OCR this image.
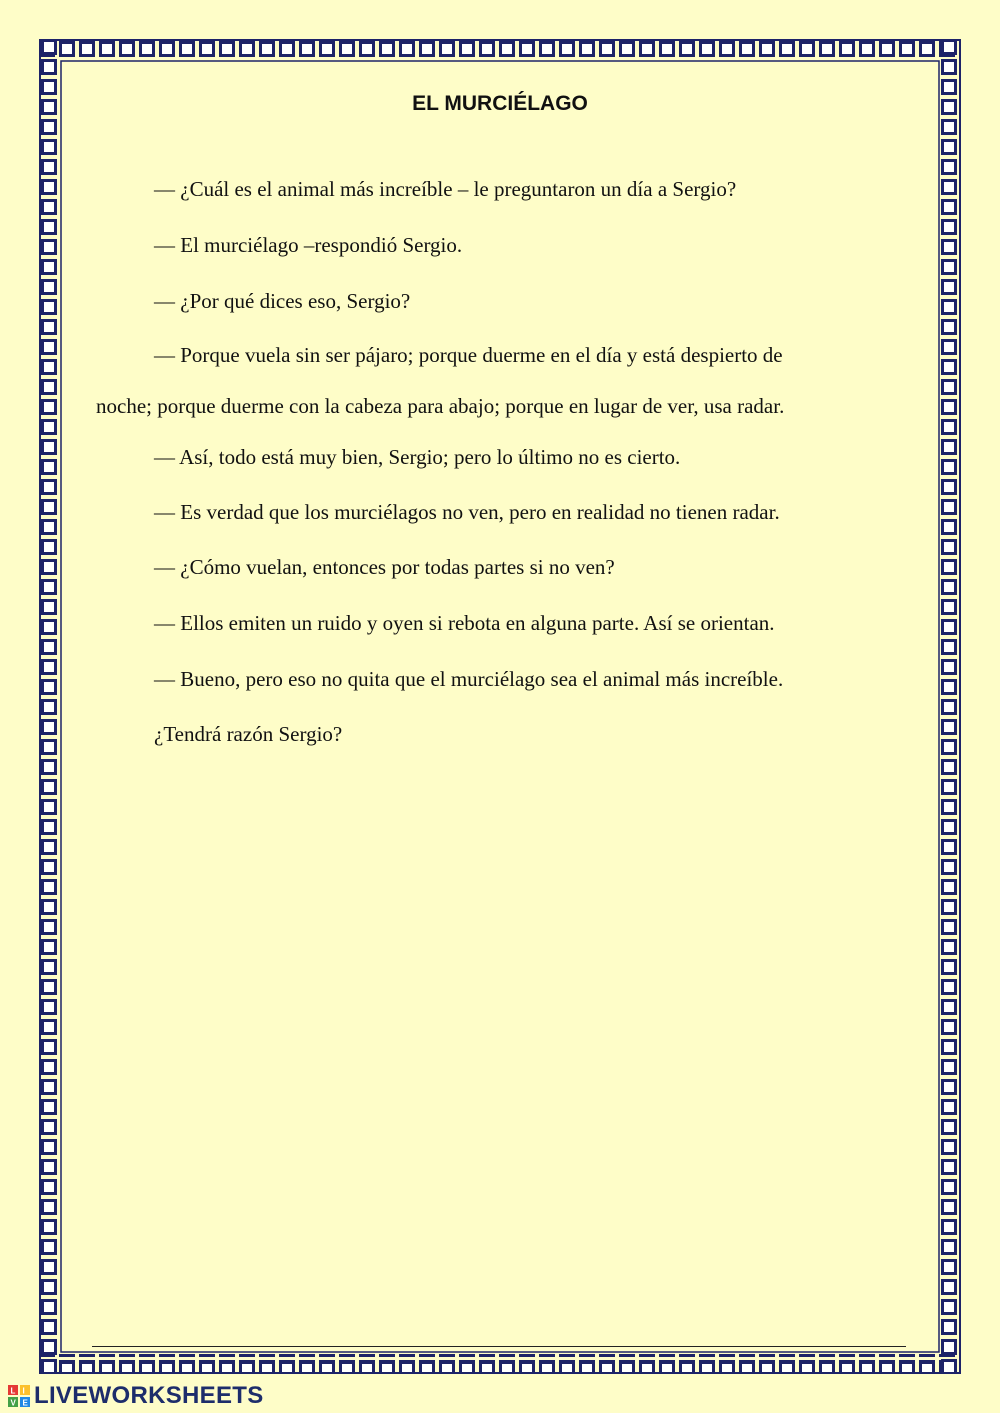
EL MURCIÉLAGO

— ¿Cuál es el animal más increíble – le preguntaron un día a Sergio?

— El murciélago –respondió Sergio.

— ¿Por qué dices eso, Sergio?

— Porque vuela sin ser pájaro; porque duerme en el día y está despierto de

noche; porque duerme con la cabeza para abajo; porque en lugar de ver, usa radar.

— Así, todo está muy bien, Sergio; pero lo último no es cierto.

— Es verdad que los murciélagos no ven, pero en realidad no tienen radar.

— ¿Cómo vuelan, entonces por todas partes si no ven?

— Ellos emiten un ruido y oyen si rebota en alguna parte. Así se orientan.

— Bueno, pero eso no quita que el murciélago sea el animal más increíble.

¿Tendrá razón Sergio?

L I
V E LIVEWORKSHEETS
